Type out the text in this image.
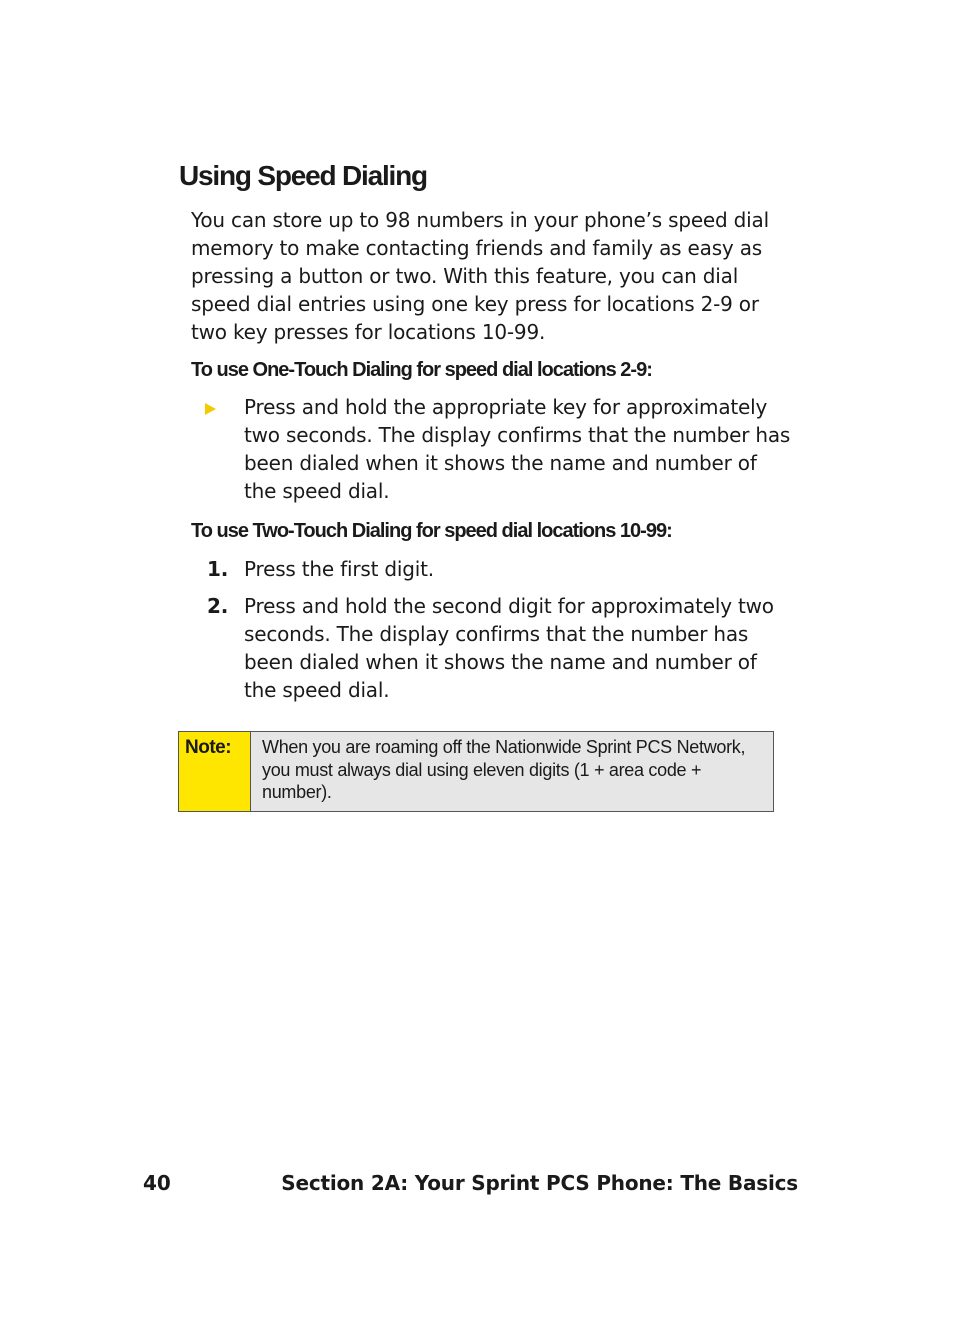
Using Speed Dialing

You can store up to 98 numbers in your phone’s speed dial memory to make contacting friends and family as easy as pressing a button or two. With this feature, you can dial speed dial entries using one key press for locations 2-9 or two key presses for locations 10-99.

To use One-Touch Dialing for speed dial locations 2-9:
Press and hold the appropriate key for approximately two seconds. The display confirms that the number has been dialed when it shows the name and number of the speed dial.
To use Two-Touch Dialing for speed dial locations 10-99:
1. Press the first digit.
2. Press and hold the second digit for approximately two seconds. The display confirms that the number has been dialed when it shows the name and number of the speed dial.
Note:	When you are roaming off the Nationwide Sprint PCS Network, you must always dial using eleven digits (1 + area code + number).
40	Section 2A: Your Sprint PCS Phone: The Basics
